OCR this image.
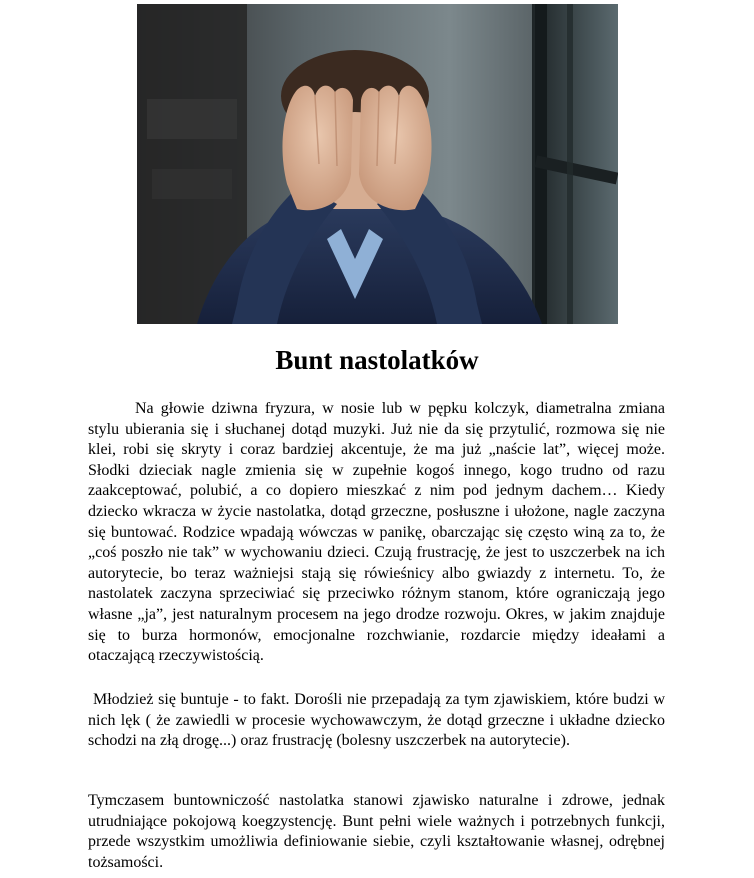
Bunt nastolatków

Na głowie dziwna fryzura, w nosie lub w pępku kolczyk, diametralna zmiana stylu ubierania się i słuchanej dotąd muzyki. Już nie da się przytulić, rozmowa się nie klei, robi się skryty i coraz bardziej akcentuje, że ma już „naście lat”, więcej może. Słodki dzieciak nagle zmienia się w zupełnie kogoś innego, kogo trudno od razu zaakceptować, polubić, a co dopiero mieszkać z nim pod jednym dachem… Kiedy dziecko wkracza w życie nastolatka, dotąd grzeczne, posłuszne i ułożone, nagle zaczyna się buntować. Rodzice wpadają wówczas w panikę, obarczając się często winą za to, że „coś poszło nie tak” w wychowaniu dzieci. Czują frustrację, że jest to uszczerbek na ich autorytecie, bo teraz ważniejsi stają się rówieśnicy albo gwiazdy z internetu. To, że nastolatek zaczyna sprzeciwiać się przeciwko różnym stanom, które ograniczają jego własne „ja”, jest naturalnym procesem na jego drodze rozwoju. Okres, w jakim znajduje się to burza hormonów, emocjonalne rozchwianie, rozdarcie między ideałami a otaczającą rzeczywistością.

Młodzież się buntuje - to fakt. Dorośli nie przepadają za tym zjawiskiem, które budzi w nich lęk ( że zawiedli w procesie wychowawczym, że dotąd grzeczne i układne dziecko schodzi na złą drogę...) oraz frustrację (bolesny uszczerbek na autorytecie).

Tymczasem buntowniczość nastolatka stanowi zjawisko naturalne i zdrowe, jednak utrudniające pokojową koegzystencję. Bunt pełni wiele ważnych i potrzebnych funkcji, przede wszystkim umożliwia definiowanie siebie, czyli kształtowanie własnej, odrębnej tożsamości.
